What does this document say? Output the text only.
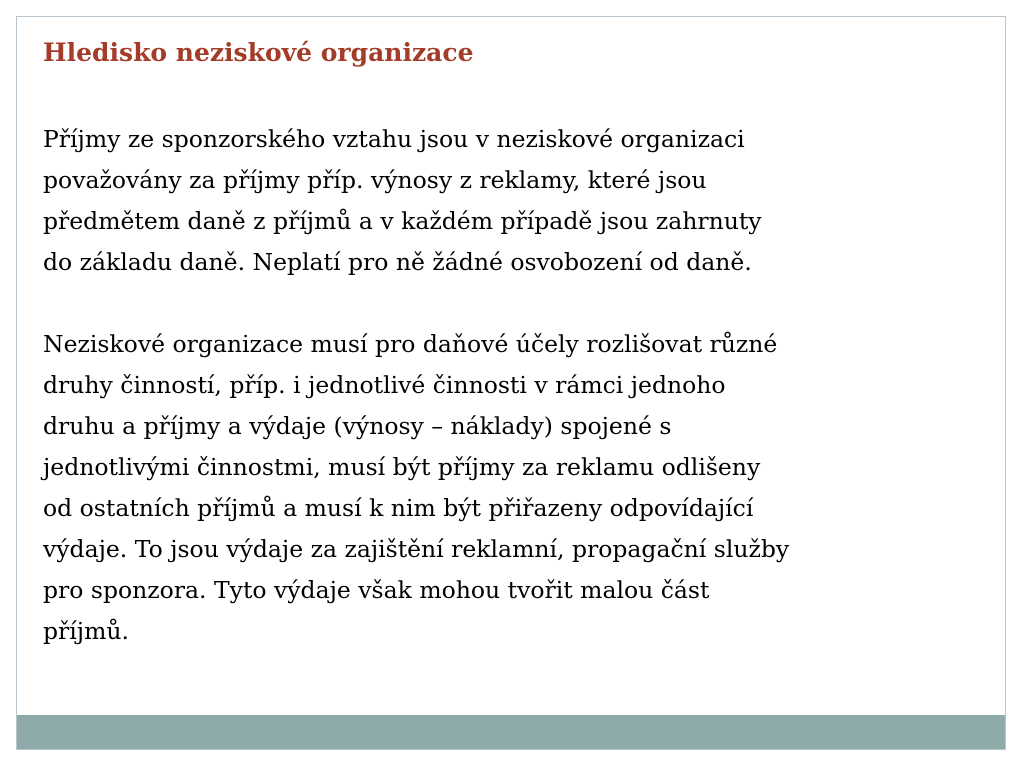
Hledisko neziskové organizace

Příjmy ze sponzorského vztahu jsou v neziskové organizaci
považovány za příjmy příp. výnosy z reklamy, které jsou
předmětem daně z příjmů a v každém případě jsou zahrnuty
do základu daně. Neplatí pro ně žádné osvobození od daně.

Neziskové organizace musí pro daňové účely rozlišovat různé
druhy činností, příp. i jednotlivé činnosti v rámci jednoho
druhu a příjmy a výdaje (výnosy – náklady) spojené s
jednotlivými činnostmi, musí být příjmy za reklamu odlišeny
od ostatních příjmů a musí k nim být přiřazeny odpovídající
výdaje. To jsou výdaje za zajištění reklamní, propagační služby
pro sponzora. Tyto výdaje však mohou tvořit malou část
příjmů.
